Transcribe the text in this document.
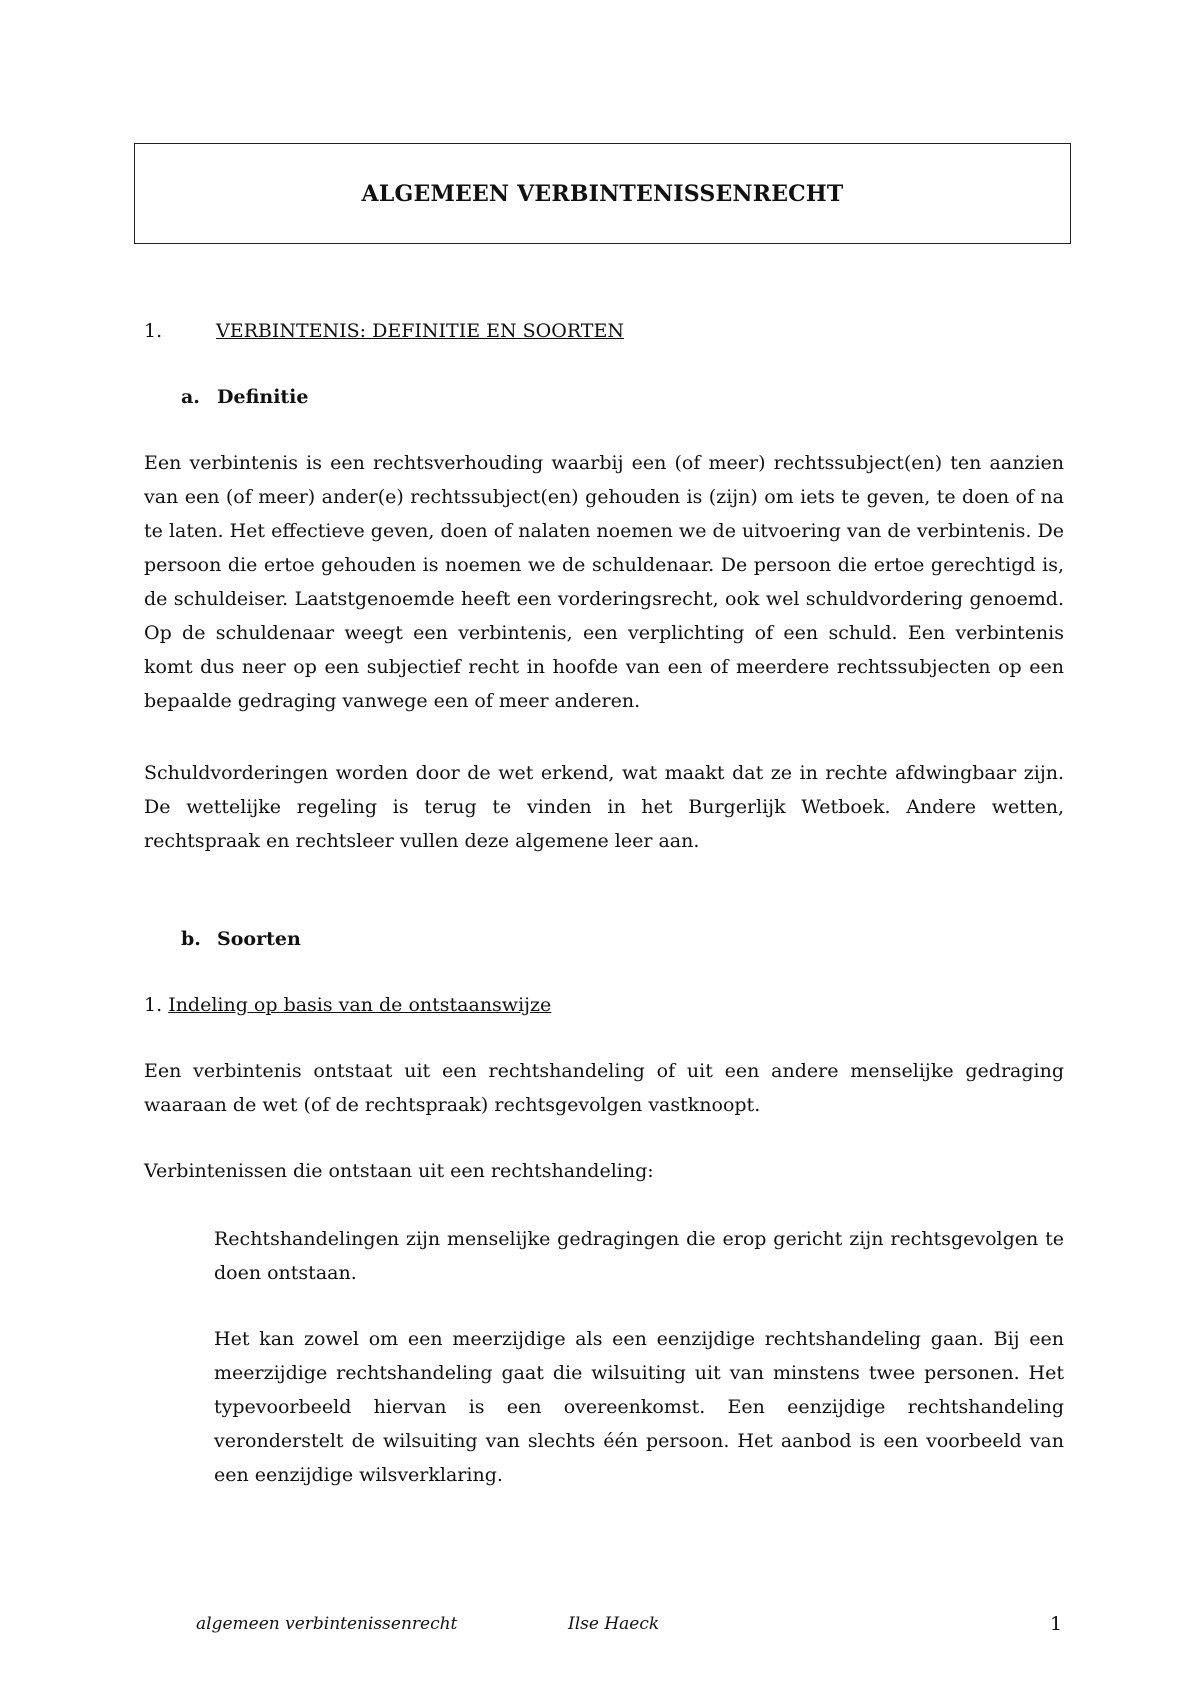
ALGEMEEN VERBINTENISSENRECHT
1.	VERBINTENIS: DEFINITIE EN SOORTEN
a. Definitie

Een verbintenis is een rechtsverhouding waarbij een (of meer) rechtssubject(en) ten aanzien van een (of meer) ander(e) rechtssubject(en) gehouden is (zijn) om iets te geven, te doen of na te laten. Het effectieve geven, doen of nalaten noemen we de uitvoering van de verbintenis. De persoon die ertoe gehouden is noemen we de schuldenaar. De persoon die ertoe gerechtigd is, de schuldeiser. Laatstgenoemde heeft een vorderingsrecht, ook wel schuldvordering genoemd. Op de schuldenaar weegt een verbintenis, een verplichting of een schuld. Een verbintenis komt dus neer op een subjectief recht in hoofde van een of meerdere rechtssubjecten op een bepaalde gedraging vanwege een of meer anderen.

Schuldvorderingen worden door de wet erkend, wat maakt dat ze in rechte afdwingbaar zijn. De wettelijke regeling is terug te vinden in het Burgerlijk Wetboek. Andere wetten, rechtspraak en rechtsleer vullen deze algemene leer aan.

b. Soorten
1. Indeling op basis van de ontstaanswijze

Een verbintenis ontstaat uit een rechtshandeling of uit een andere menselijke gedraging waaraan de wet (of de rechtspraak) rechtsgevolgen vastknoopt.

Verbintenissen die ontstaan uit een rechtshandeling:

Rechtshandelingen zijn menselijke gedragingen die erop gericht zijn rechtsgevolgen te doen ontstaan.

Het kan zowel om een meerzijdige als een eenzijdige rechtshandeling gaan. Bij een meerzijdige rechtshandeling gaat die wilsuiting uit van minstens twee personen. Het typevoorbeeld hiervan is een overeenkomst. Een eenzijdige rechtshandeling veronderstelt de wilsuiting van slechts één persoon. Het aanbod is een voorbeeld van een eenzijdige wilsverklaring.

algemeen verbintenissenrecht	Ilse Haeck	1
